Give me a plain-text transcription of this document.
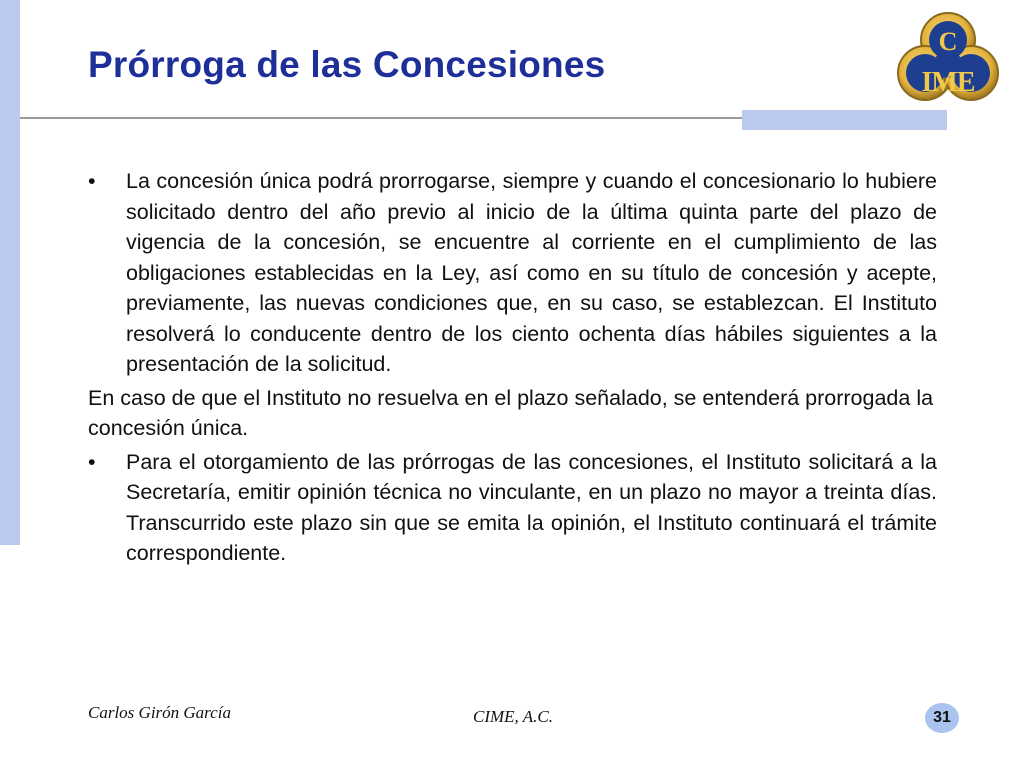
Prórroga de las Concesiones
C
IME
•	La concesión única podrá prorrogarse, siempre y cuando el concesionario lo hubiere solicitado dentro del año previo al inicio de la última quinta parte del plazo de vigencia de la concesión, se encuentre al corriente en el cumplimiento de las obligaciones establecidas en la Ley, así como en su título de concesión y acepte, previamente, las nuevas condiciones que, en su caso, se establezcan. El Instituto resolverá lo conducente dentro de los ciento ochenta días hábiles siguientes a la presentación de la solicitud.

En caso de que el Instituto no resuelva en el plazo señalado, se entenderá prorrogada la concesión única.

•	Para el otorgamiento de las prórrogas de las concesiones, el Instituto solicitará a la Secretaría, emitir opinión técnica no vinculante, en un plazo no mayor a treinta días. Transcurrido este plazo sin que se emita la opinión, el Instituto continuará el trámite correspondiente.

Carlos Girón García	CIME, A.C.	31
